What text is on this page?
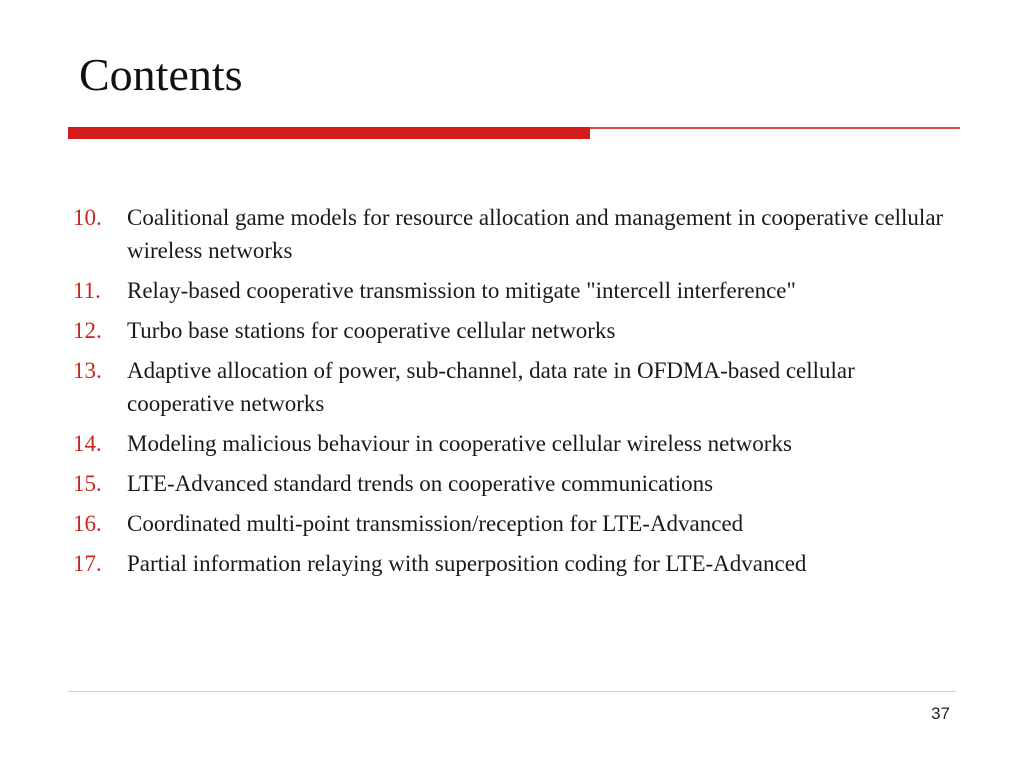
Contents
10. Coalitional game models for resource allocation and management in cooperative cellular wireless networks
11. Relay-based cooperative transmission to mitigate "intercell interference"
12. Turbo base stations for cooperative cellular networks
13. Adaptive allocation of power, sub-channel, data rate in OFDMA-based cellular cooperative networks
14. Modeling malicious behaviour in cooperative cellular wireless networks
15. LTE-Advanced standard trends on cooperative communications
16. Coordinated multi-point transmission/reception for LTE-Advanced
17. Partial information relaying with superposition coding for LTE-Advanced
37
